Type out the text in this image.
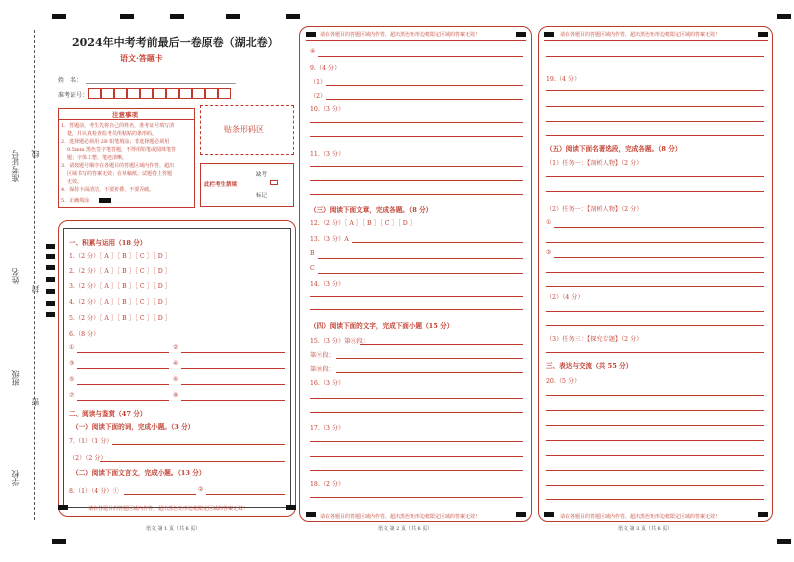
准考证号 线
姓名
封
班级
密
学校
2024年中考考前最后一卷原卷（湖北卷）
语文·答题卡
姓　名：
准考证号：
注意事项
1．答题前，考生先将自己的姓名，准考证号填写清
楚，并认真检查监考员所粘贴的条形码。
2．选择题必须用 2B 铅笔填涂；非选择题必须用
0.5mm 黑色签字笔答题，不得用铅笔或圆珠笔答
题；字体工整、笔迹清晰。
3．请按题号顺序在各题目的答题区域内作答，超出
区域书写的答案无效；在草稿纸、试题卷上答题
无效。
4．保持卡面清洁，不要折叠、不要弄破。
5．正确填涂
贴条形码区
此栏考生禁填
缺考
标记
一、积累与运用（18 分）
1.（2 分）［ A ］［ B ］［ C ］［ D ］
2.（2 分）［ A ］［ B ］［ C ］［ D ］
3.（2 分）［ A ］［ B ］［ C ］［ D ］
4.（2 分）［ A ］［ B ］［ C ］［ D ］
5.（2 分）［ A ］［ B ］［ C ］［ D ］
6.（8 分）
①	②
③	④
⑤	⑥
⑦	⑧
二、阅读与鉴赏（47 分）
（一）阅读下面的词，完成小题。（3 分）
7.（1）（1 分）
（2）（2 分）
（二）阅读下面文言文，完成小题。（13 分）
8.（1）（4 分）①	②
请在各题目的答题区域内作答，超出黑色矩形边框限定区域的答案无效！
语文 第 1 页（共 6 页）
请在各题目的答题区域内作答，超出黑色矩形边框限定区域的答案无效！
④
9.（4 分）
（1）
（2）
10.（3 分）
11.（3 分）
（三）阅读下面文章，完成各题。（8 分）
12.（2 分）［ A ］［ B ］［ C ］［ D ］
13.（3 分）A
B
C
14.（3 分）
（四）阅读下面的文字，完成下面小题（15 分）
15.（3 分）第⑧段：
第⑨段：
第⑩段：
16.（3 分）
17.（3 分）
18.（2 分）
请在各题目的答题区域内作答，超出黑色矩形边框限定区域的答案无效！
语文 第 2 页（共 6 页）
请在各题目的答题区域内作答，超出黑色矩形边框限定区域的答案无效！
19.（4 分）
（五）阅读下面名著选段，完成各题。（8 分）
（1）任务一：【剖析人物】（2 分）
（2）任务一：【剖析人物】（2 分）
①
②
（2）（4 分）
（3）任务三：【探究专题】（2 分）
三、表达与交流（共 55 分）
20.（5 分）
请在各题目的答题区域内作答，超出黑色矩形边框限定区域的答案无效！
语文 第 3 页（共 6 页）
